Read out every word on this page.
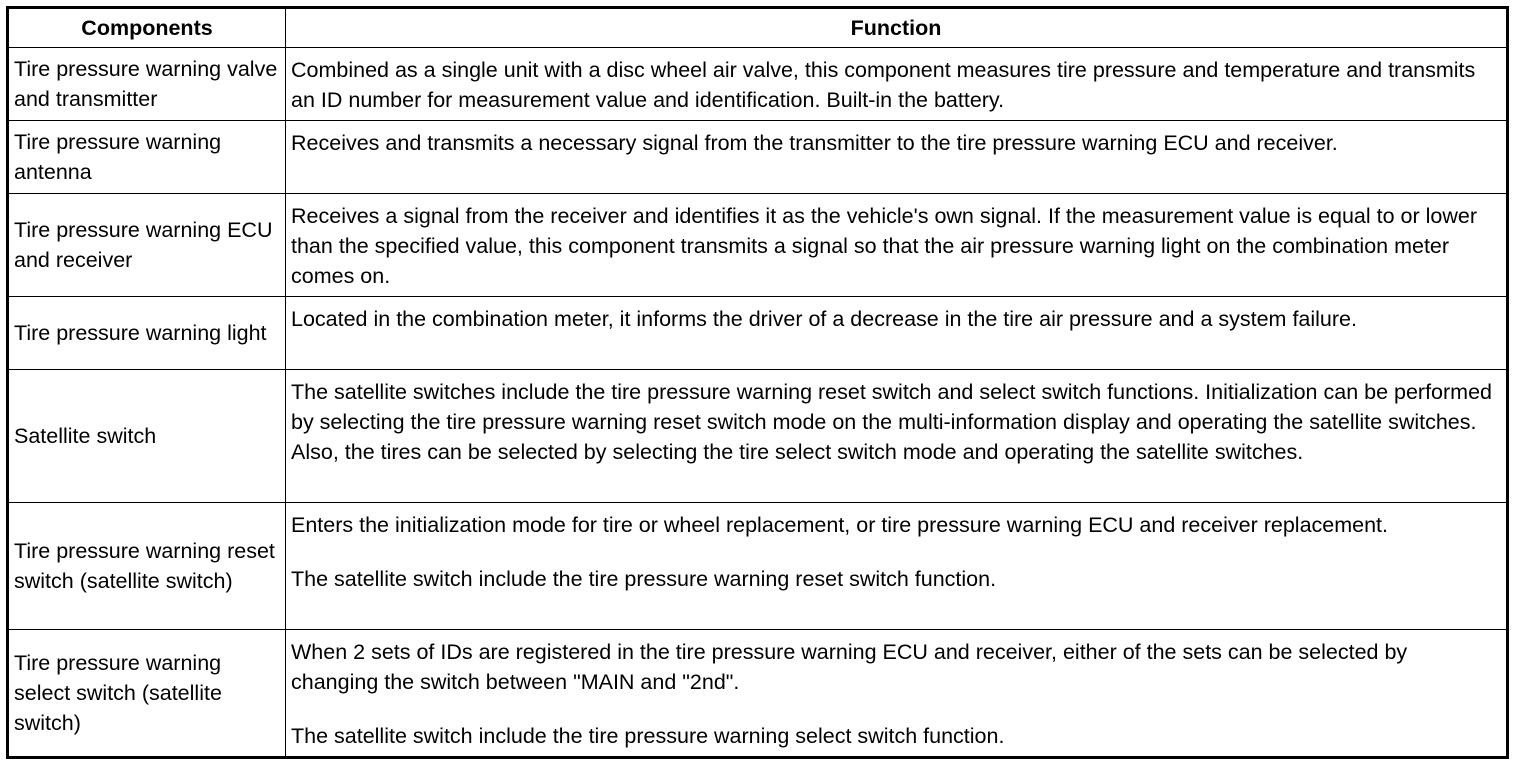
Components	Function
Tire pressure warning valve and transmitter	Combined as a single unit with a disc wheel air valve, this component measures tire pressure and temperature and transmits an ID number for measurement value and identification. Built-in the battery.

Tire pressure warning antenna	Receives and transmits a necessary signal from the transmitter to the tire pressure warning ECU and receiver.

Tire pressure warning ECU and receiver	Receives a signal from the receiver and identifies it as the vehicle's own signal. If the measurement value is equal to or lower than the specified value, this component transmits a signal so that the air pressure warning light on the combination meter comes on.

Tire pressure warning light	Located in the combination meter, it informs the driver of a decrease in the tire air pressure and a system failure.

Satellite switch	The satellite switches include the tire pressure warning reset switch and select switch functions. Initialization can be performed by selecting the tire pressure warning reset switch mode on the multi-information display and operating the satellite switches. Also, the tires can be selected by selecting the tire select switch mode and operating the satellite switches.

Tire pressure warning reset switch (satellite switch)	Enters the initialization mode for tire or wheel replacement, or tire pressure warning ECU and receiver replacement.

The satellite switch include the tire pressure warning reset switch function.

Tire pressure warning select switch (satellite switch)	When 2 sets of IDs are registered in the tire pressure warning ECU and receiver, either of the sets can be selected by changing the switch between "MAIN and "2nd".

The satellite switch include the tire pressure warning select switch function.
